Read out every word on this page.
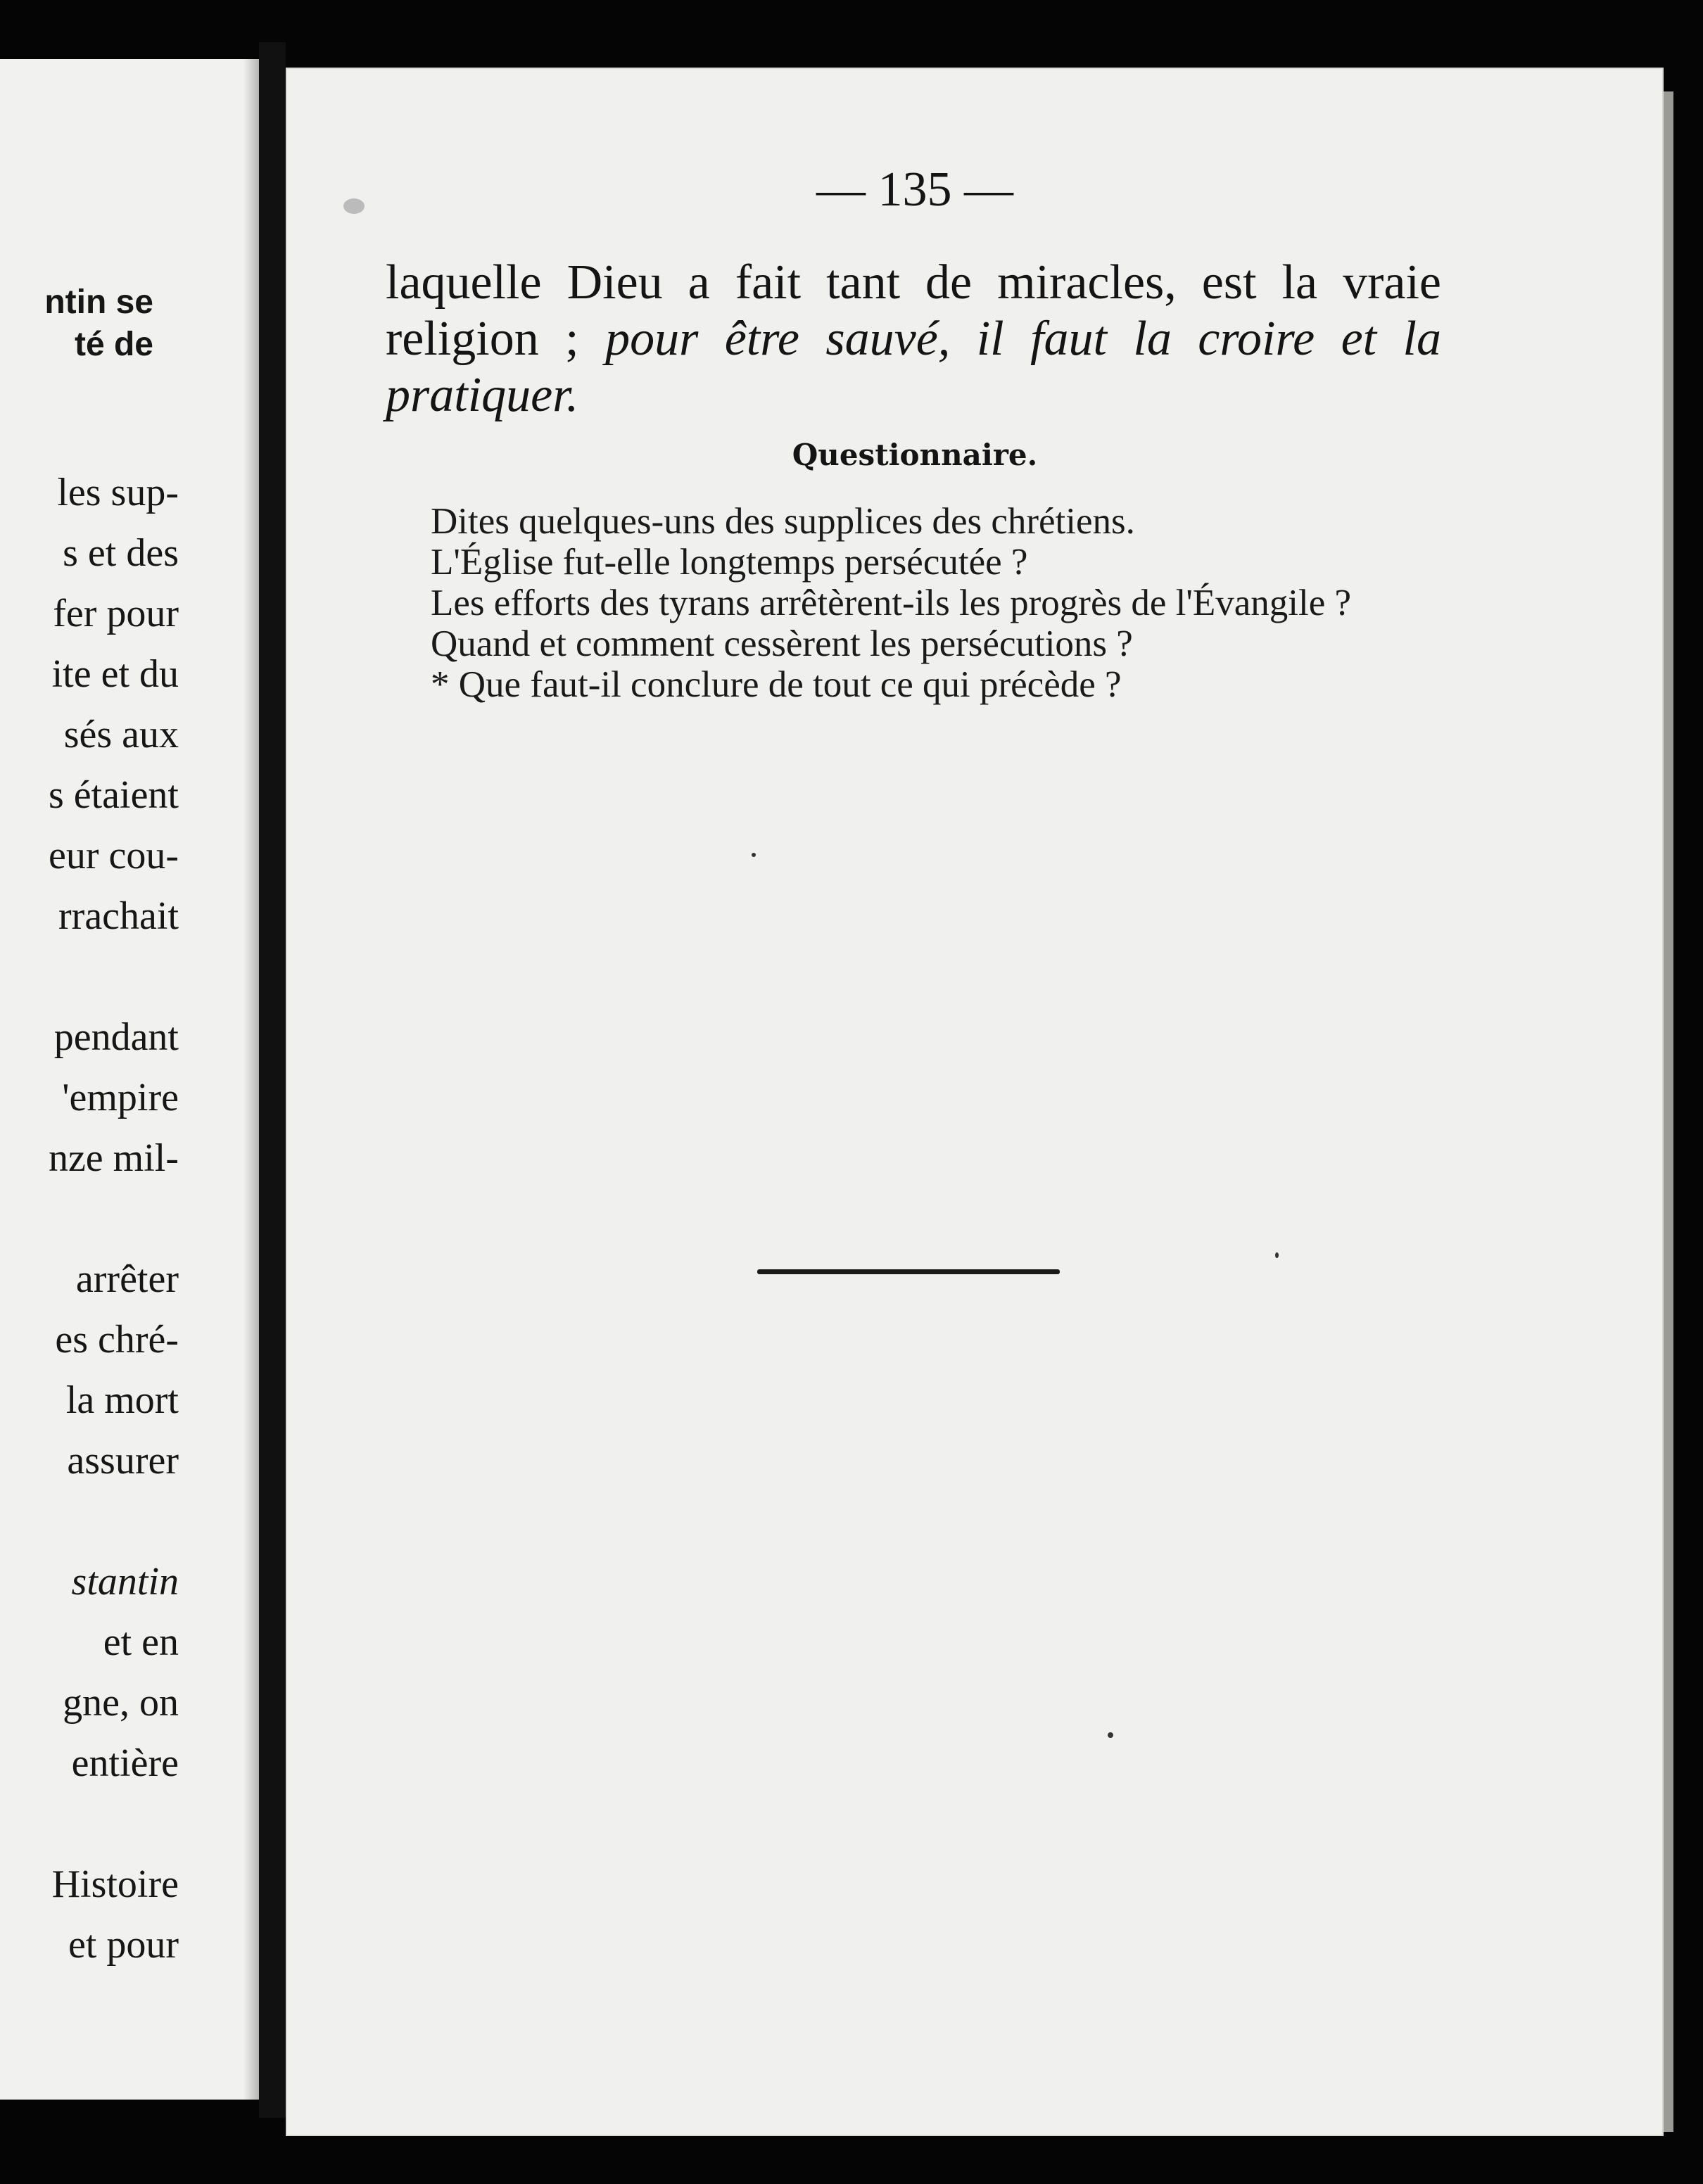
ntin se
té de
les sup-
s et des
fer pour
ite et du
sés aux
s étaient
eur cou-
rrachait
pendant
'empire
nze mil-
arrêter
es chré-
la mort
assurer
stantin
et en
gne, on
entière
Histoire
et pour
— 135 —
laquelle Dieu a fait tant de miracles, est la vraie religion ; pour être sauvé, il faut la croire et la pratiquer.
Questionnaire.

Dites quelques-uns des supplices des chrétiens.

L'Église fut-elle longtemps persécutée ?

Les efforts des tyrans arrêtèrent-ils les progrès de l'Évangile ?

Quand et comment cessèrent les persécutions ?

* Que faut-il conclure de tout ce qui précède ?
